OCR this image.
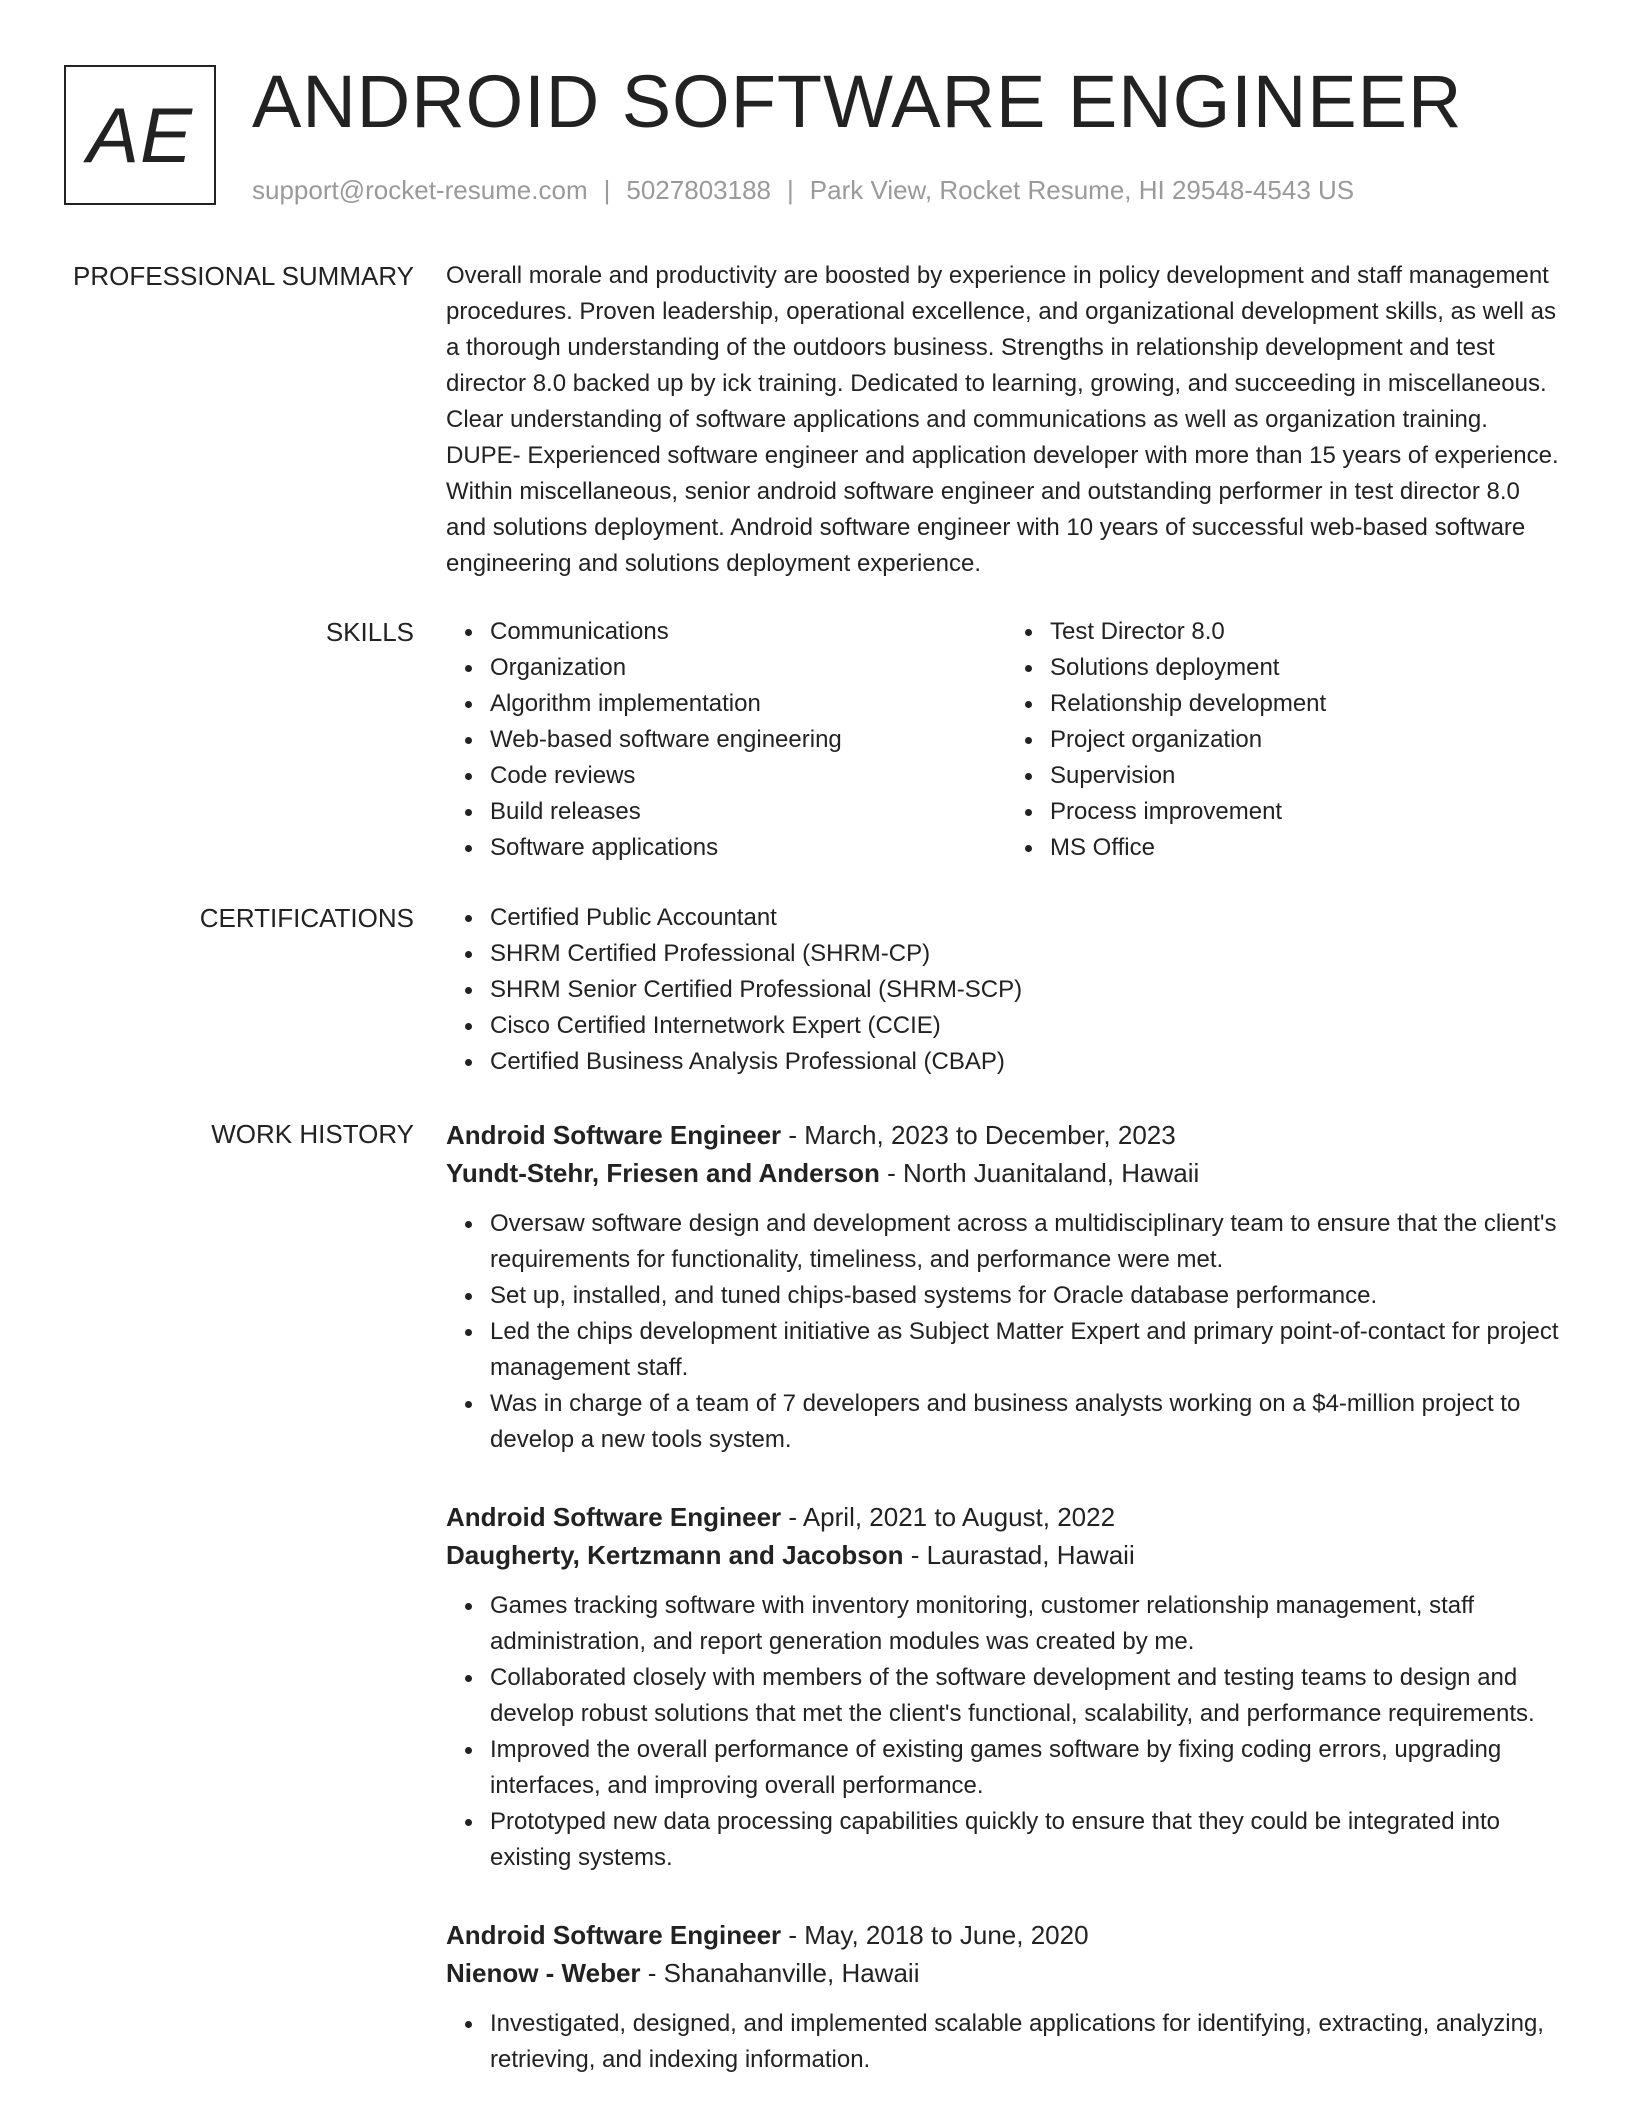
AE ANDROID SOFTWARE ENGINEER
support@rocket-resume.com | 5027803188 | Park View, Rocket Resume, HI 29548-4543 US
PROFESSIONAL SUMMARY Overall morale and productivity are boosted by experience in policy development and staff management procedures. Proven leadership, operational excellence, and organizational development skills, as well as a thorough understanding of the outdoors business. Strengths in relationship development and test director 8.0 backed up by ick training. Dedicated to learning, growing, and succeeding in miscellaneous. Clear understanding of software applications and communications as well as organization training. DUPE- Experienced software engineer and application developer with more than 15 years of experience. Within miscellaneous, senior android software engineer and outstanding performer in test director 8.0 and solutions deployment. Android software engineer with 10 years of successful web-based software engineering and solutions deployment experience.

SKILLS	Communications
Organization
Algorithm implementation
Web-based software engineering
Code reviews
Build releases
Software applications
Test Director 8.0
Solutions deployment
Relationship development
Project organization
Supervision
Process improvement
MS Office
CERTIFICATIONS	Certified Public Accountant
SHRM Certified Professional (SHRM-CP)
SHRM Senior Certified Professional (SHRM-SCP)
Cisco Certified Internetwork Expert (CCIE)
Certified Business Analysis Professional (CBAP)
WORK HISTORY Android Software Engineer - March, 2023 to December, 2023
Yundt-Stehr, Friesen and Anderson - North Juanitaland, Hawaii
Oversaw software design and development across a multidisciplinary team to ensure that the client's requirements for functionality, timeliness, and performance were met.
Set up, installed, and tuned chips-based systems for Oracle database performance.
Led the chips development initiative as Subject Matter Expert and primary point-of-contact for project management staff.
Was in charge of a team of 7 developers and business analysts working on a $4-million project to develop a new tools system.
Android Software Engineer - April, 2021 to August, 2022
Daugherty, Kertzmann and Jacobson - Laurastad, Hawaii
Games tracking software with inventory monitoring, customer relationship management, staff administration, and report generation modules was created by me.
Collaborated closely with members of the software development and testing teams to design and develop robust solutions that met the client's functional, scalability, and performance requirements.
Improved the overall performance of existing games software by fixing coding errors, upgrading interfaces, and improving overall performance.
Prototyped new data processing capabilities quickly to ensure that they could be integrated into existing systems.
Android Software Engineer - May, 2018 to June, 2020
Nienow - Weber - Shanahanville, Hawaii
Investigated, designed, and implemented scalable applications for identifying, extracting, analyzing, retrieving, and indexing information.
